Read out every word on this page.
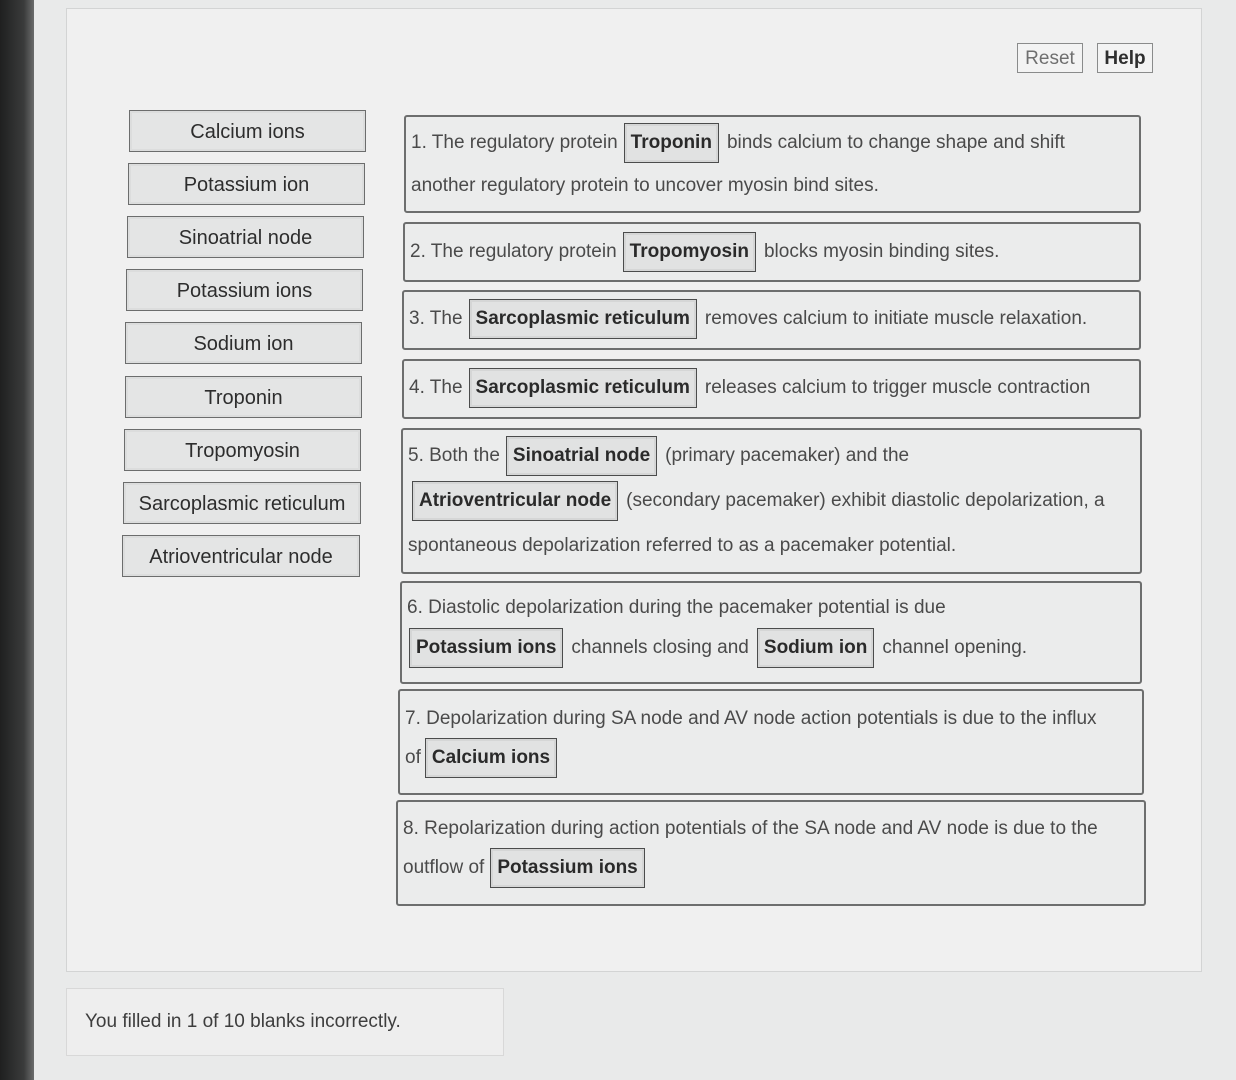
Reset	Help
Calcium ions
Potassium ion
Sinoatrial node
Potassium ions
Sodium ion
Troponin
Tropomyosin
Sarcoplasmic reticulum
Atrioventricular node
1. The regulatory protein Troponin binds calcium to change shape and shift
another regulatory protein to uncover myosin bind sites.
2. The regulatory protein Tropomyosin blocks myosin binding sites.
3. The Sarcoplasmic reticulum removes calcium to initiate muscle relaxation.
4. The Sarcoplasmic reticulum releases calcium to trigger muscle contraction
5. Both the Sinoatrial node (primary pacemaker) and the
Atrioventricular node (secondary pacemaker) exhibit diastolic depolarization, a
spontaneous depolarization referred to as a pacemaker potential.
6. Diastolic depolarization during the pacemaker potential is due
Potassium ions channels closing and Sodium ion channel opening.
7. Depolarization during SA node and AV node action potentials is due to the influx
of Calcium ions
8. Repolarization during action potentials of the SA node and AV node is due to the
outflow of Potassium ions
You filled in 1 of 10 blanks incorrectly.
